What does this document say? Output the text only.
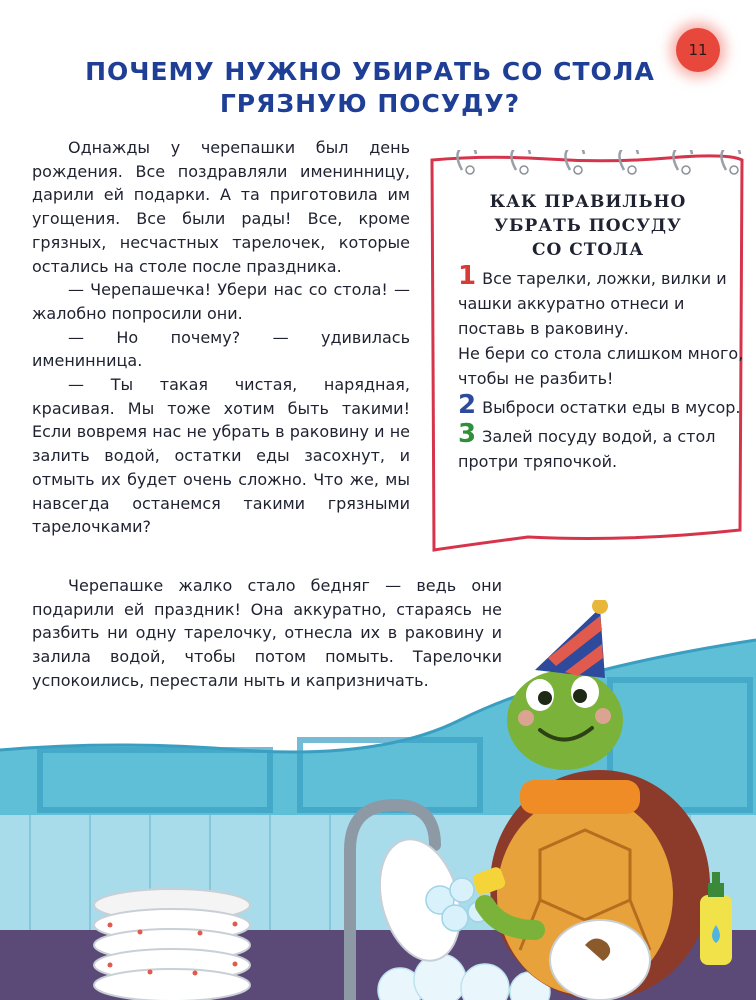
11
ПОЧЕМУ НУЖНО УБИРАТЬ СО СТОЛА
ГРЯЗНУЮ ПОСУДУ?

Однажды у черепашки был день рождения. Все поздравляли именинницу, дарили ей подарки. А та приготовила им угощения. Все были рады! Все, кроме грязных, несчастных тарелочек, которые остались на столе после праздника.

— Черепашечка! Убери нас со стола! — жалобно попросили они.

— Но почему? — удивилась именинница.

— Ты такая чистая, нарядная, красивая. Мы тоже хотим быть такими! Если вовремя нас не убрать в раковину и не залить водой, остатки еды засохнут, и отмыть их будет очень сложно. Что же, мы навсегда останемся такими грязными тарелочками?

Черепашке жалко стало бедняг — ведь они подарили ей праздник! Она аккуратно, стараясь не разбить ни одну тарелочку, отнесла их в раковину и залила водой, чтобы потом помыть. Тарелочки успокоились, перестали ныть и капризничать.

КАК ПРАВИЛЬНО
УБРАТЬ ПОСУДУ
СО СТОЛА

1 Все тарелки, ложки, вилки и чашки аккуратно отнеси и поставь в раковину.
Не бери со стола слишком много, чтобы не разбить!

2 Выброси остатки еды в мусор.

3 Залей посуду водой, а стол протри тряпочкой.
